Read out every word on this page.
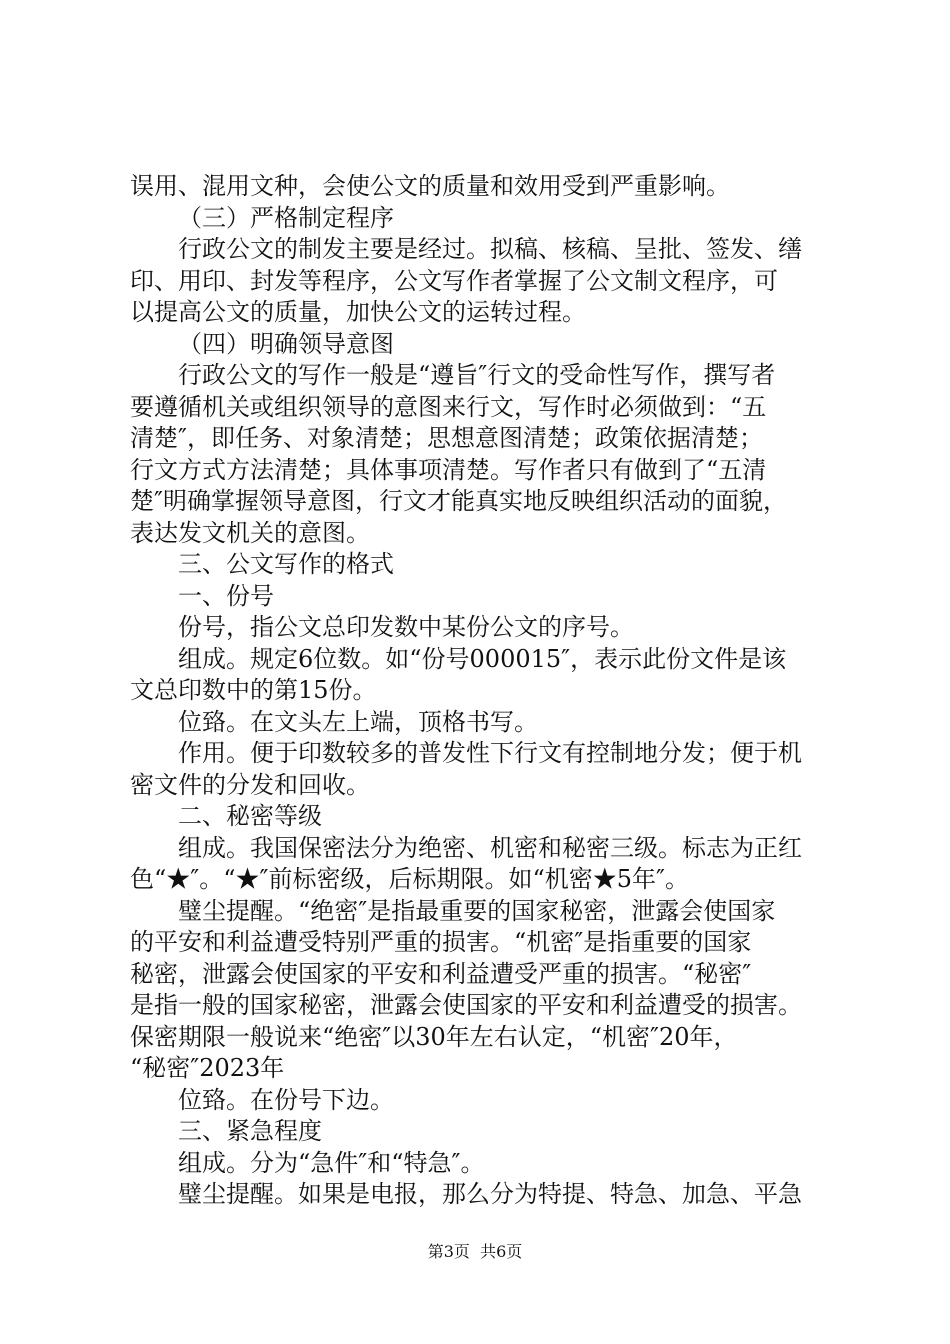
误用、混用文种，会使公文的质量和效用受到严重影响。
（三）严格制定程序
行政公文的制发主要是经过。拟稿、核稿、呈批、签发、缮
印、用印、封发等程序，公文写作者掌握了公文制文程序，可
以提高公文的质量，加快公文的运转过程。
（四）明确领导意图
行政公文的写作一般是“遵旨″行文的受命性写作，撰写者
要遵循机关或组织领导的意图来行文，写作时必须做到：“五
清楚″，即任务、对象清楚；思想意图清楚；政策依据清楚；
行文方式方法清楚；具体事项清楚。写作者只有做到了“五清
楚″明确掌握领导意图，行文才能真实地反映组织活动的面貌，
表达发文机关的意图。
三、公文写作的格式
一、份号
份号，指公文总印发数中某份公文的序号。
组成。规定6位数。如“份号000015″，表示此份文件是该
文总印数中的第15份。
位臵。在文头左上端，顶格书写。
作用。便于印数较多的普发性下行文有控制地分发；便于机
密文件的分发和回收。
二、秘密等级
组成。我国保密法分为绝密、机密和秘密三级。标志为正红
色“★″。“★″前标密级，后标期限。如“机密★5年″。
璧尘提醒。“绝密″是指最重要的国家秘密，泄露会使国家
的平安和利益遭受特别严重的损害。“机密″是指重要的国家
秘密，泄露会使国家的平安和利益遭受严重的损害。“秘密″
是指一般的国家秘密，泄露会使国家的平安和利益遭受的损害。
保密期限一般说来“绝密″以30年左右认定，“机密″20年，
“秘密″2023年
位臵。在份号下边。
三、紧急程度
组成。分为“急件″和“特急″。
璧尘提醒。如果是电报，那么分为特提、特急、加急、平急
第3页  共6页
